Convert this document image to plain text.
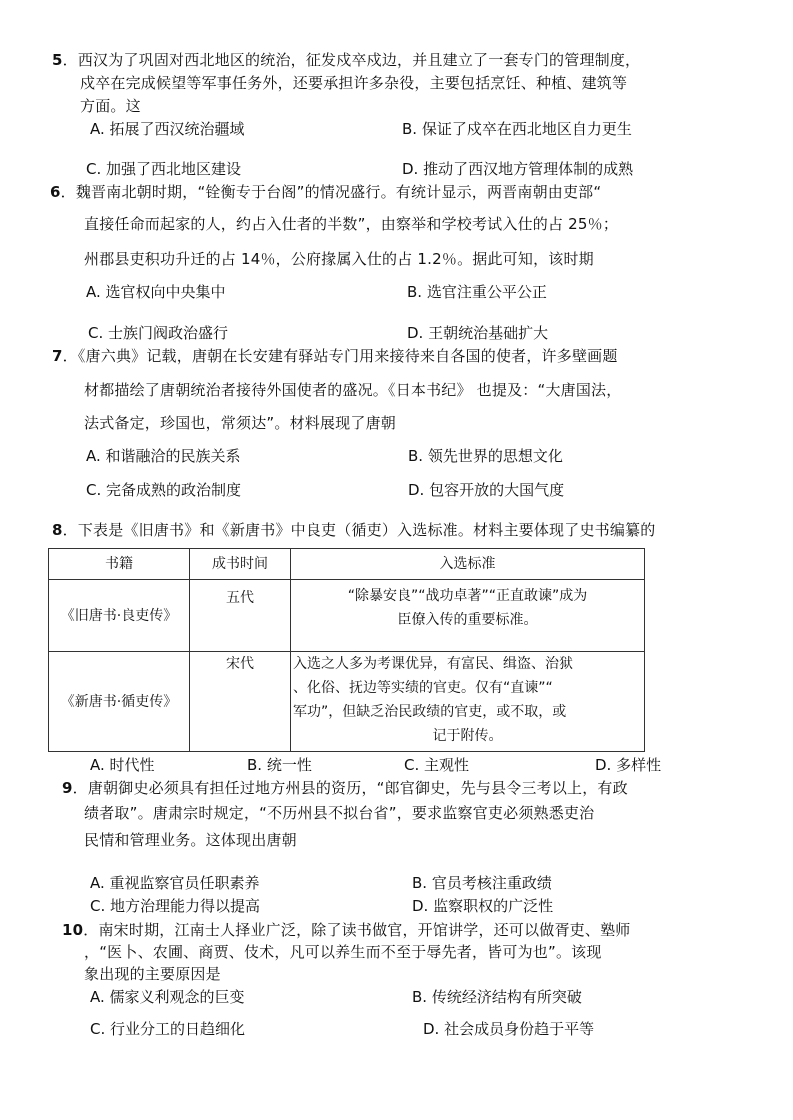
5．西汉为了巩固对西北地区的统治，征发戍卒戍边，并且建立了一套专门的管理制度，
戍卒在完成候望等军事任务外，还要承担许多杂役，主要包括烹饪、种植、建筑等
方面。这
A. 拓展了西汉统治疆域	B. 保证了戍卒在西北地区自力更生
C. 加强了西北地区建设	D. 推动了西汉地方管理体制的成熟
6．魏晋南北朝时期，“铨衡专于台阁”的情况盛行。有统计显示，两晋南朝由吏部“
直接任命而起家的人，约占入仕者的半数”，由察举和学校考试入仕的占 25％；
州郡县吏积功升迁的占 14％，公府掾属入仕的占 1.2％。据此可知，该时期
A. 选官权向中央集中	B. 选官注重公平公正
C. 士族门阀政治盛行	D. 王朝统治基础扩大
7．《唐六典》记载，唐朝在长安建有驿站专门用来接待来自各国的使者，许多壁画题
材都描绘了唐朝统治者接待外国使者的盛况。《日本书纪》 也提及：“大唐国法，
法式备定，珍国也，常须达”。材料展现了唐朝
A. 和谐融洽的民族关系	B. 领先世界的思想文化
C. 完备成熟的政治制度	D. 包容开放的大国气度
8．下表是《旧唐书》和《新唐书》中良吏（循吏）入选标准。材料主要体现了史书编纂的
书籍	成书时间	入选标准
《旧唐书·良吏传》	五代	“除暴安良”“战功卓著”“正直敢谏”成为
臣僚入传的重要标准。

《新唐书·循吏传》	宋代	入选之人多为考课优异，有富民、缉盗、治狱
、化俗、抚边等实绩的官吏。仅有“直谏”“
军功”，但缺乏治民政绩的官吏，或不取，或
记于附传。
A. 时代性	B. 统一性	C. 主观性	D. 多样性
9．唐朝御史必须具有担任过地方州县的资历，“郎官御史，先与县令三考以上，有政
绩者取”。唐肃宗时规定，“不历州县不拟台省”，要求监察官吏必须熟悉吏治
民情和管理业务。这体现出唐朝
A. 重视监察官员任职素养	B. 官员考核注重政绩
C. 地方治理能力得以提高	D. 监察职权的广泛性
10．南宋时期，江南士人择业广泛，除了读书做官，开馆讲学，还可以做胥吏、塾师
，“医卜、农圃、商贾、伎术，凡可以养生而不至于辱先者，皆可为也”。该现
象出现的主要原因是
A. 儒家义利观念的巨变	B. 传统经济结构有所突破
C. 行业分工的日趋细化	D. 社会成员身份趋于平等
